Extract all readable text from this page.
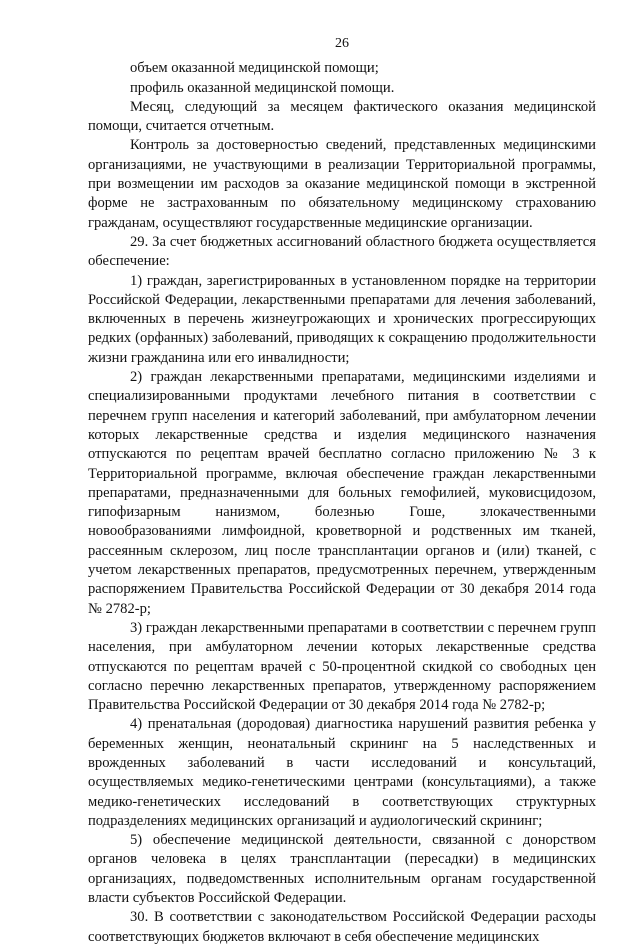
26

объем оказанной медицинской помощи;

профиль оказанной медицинской помощи.

Месяц, следующий за месяцем фактического оказания медицинской помощи, считается отчетным.

Контроль за достоверностью сведений, представленных медицинскими организациями, не участвующими в реализации Территориальной программы, при возмещении им расходов за оказание медицинской помощи в экстренной форме не застрахованным по обязательному медицинскому страхованию гражданам, осуществляют государственные медицинские организации.

29. За счет бюджетных ассигнований областного бюджета осуществляется обеспечение:

1) граждан, зарегистрированных в установленном порядке на территории Российской Федерации, лекарственными препаратами для лечения заболеваний, включенных в перечень жизнеугрожающих и хронических прогрессирующих редких (орфанных) заболеваний, приводящих к сокращению продолжительности жизни гражданина или его инвалидности;

2) граждан лекарственными препаратами, медицинскими изделиями и специализированными продуктами лечебного питания в соответствии с перечнем групп населения и категорий заболеваний, при амбулаторном лечении которых лекарственные средства и изделия медицинского назначения отпускаются по рецептам врачей бесплатно согласно приложению № 3 к Территориальной программе, включая обеспечение граждан лекарственными препаратами, предназначенными для больных гемофилией, муковисцидозом, гипофизарным нанизмом, болезнью Гоше, злокачественными новообразованиями лимфоидной, кроветворной и родственных им тканей, рассеянным склерозом, лиц после трансплантации органов и (или) тканей, с учетом лекарственных препаратов, предусмотренных перечнем, утвержденным распоряжением Правительства Российской Федерации от 30 декабря 2014 года № 2782-р;

3) граждан лекарственными препаратами в соответствии с перечнем групп населения, при амбулаторном лечении которых лекарственные средства отпускаются по рецептам врачей с 50-процентной скидкой со свободных цен согласно перечню лекарственных препаратов, утвержденному распоряжением Правительства Российской Федерации от 30 декабря 2014 года № 2782-р;

4) пренатальная (дородовая) диагностика нарушений развития ребенка у беременных женщин, неонатальный скрининг на 5 наследственных и врожденных заболеваний в части исследований и консультаций, осуществляемых медико-генетическими центрами (консультациями), а также медико-генетических исследований в соответствующих структурных подразделениях медицинских организаций и аудиологический скрининг;

5) обеспечение медицинской деятельности, связанной с донорством органов человека в целях трансплантации (пересадки) в медицинских организациях, подведомственных исполнительным органам государственной власти субъектов Российской Федерации.

30. В соответствии с законодательством Российской Федерации расходы соответствующих бюджетов включают в себя обеспечение медицинских
